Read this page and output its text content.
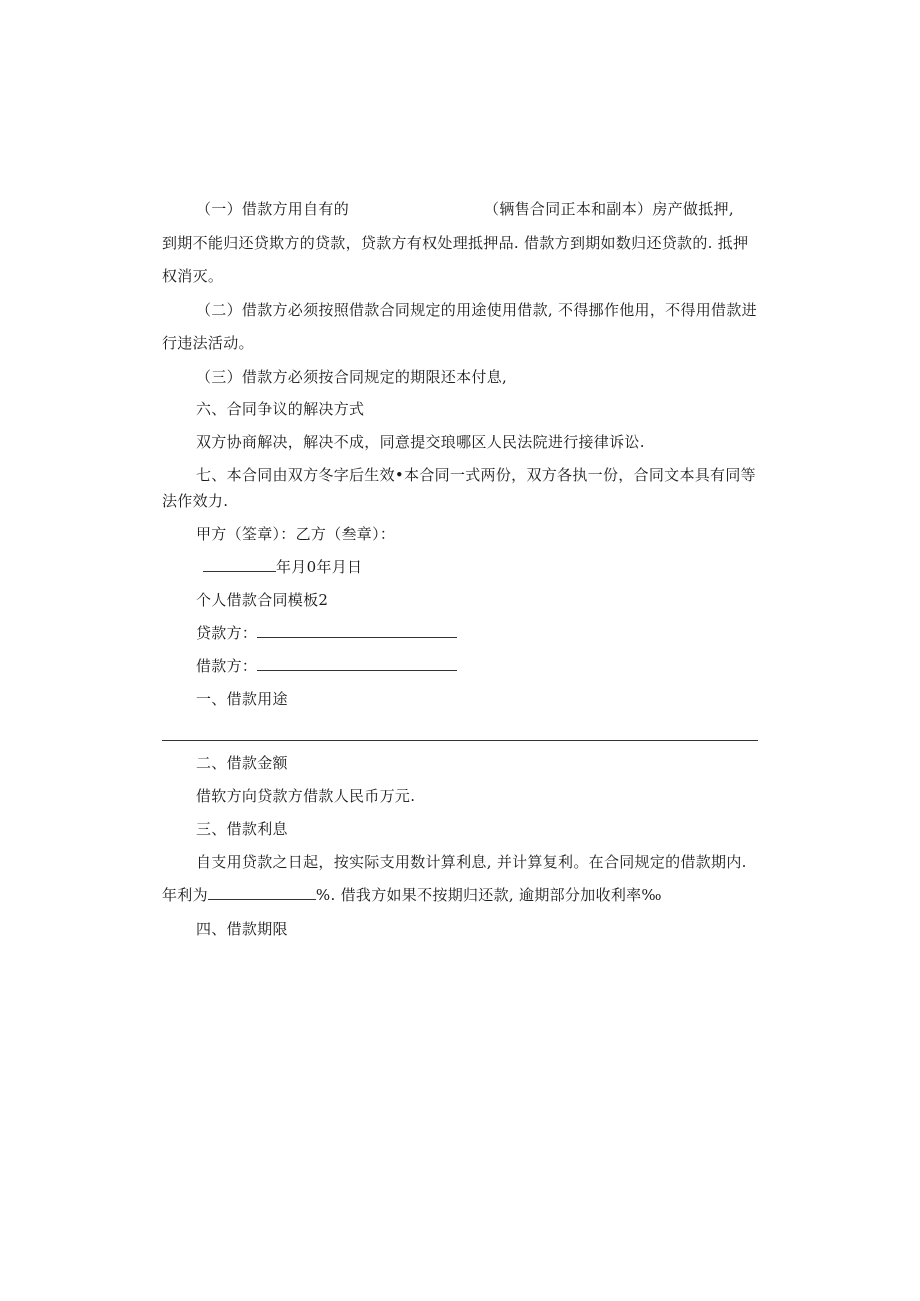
（一）借款方用自有的	（辆售合同正本和副本）房产做抵押,
到期不能归还贷欺方的贷款，贷款方有权处理抵押品. 借款方到期如数归还贷款的. 抵押
权消灭。
（二）借款方必须按照借款合同规定的用途使用借款, 不得挪作他用，不得用借款进
行违法活动。
（三）借款方必须按合同规定的期限还本付息,
六、合同争议的解决方式
双方协商解决，解决不成，同意提交琅哪区人民法院进行接律诉讼.
七、本合同由双方冬字后生效•本合同一式两份，双方各执一份，合同文本具有同等
法作效力.
甲方（筌章）：乙方（叁章）：
年月0年月日
个人借款合同模板2
贷款方：
借款方：
一、借款用途
二、借款金额
借软方向贷款方借款人民币万元.
三、借款利息
自支用贷款之日起，按实际支用数计算利息, 并计算复利。在合同规定的借款期内.
年利为	%. 借我方如果不按期归还款, 逾期部分加收利率‰
四、借款期限
